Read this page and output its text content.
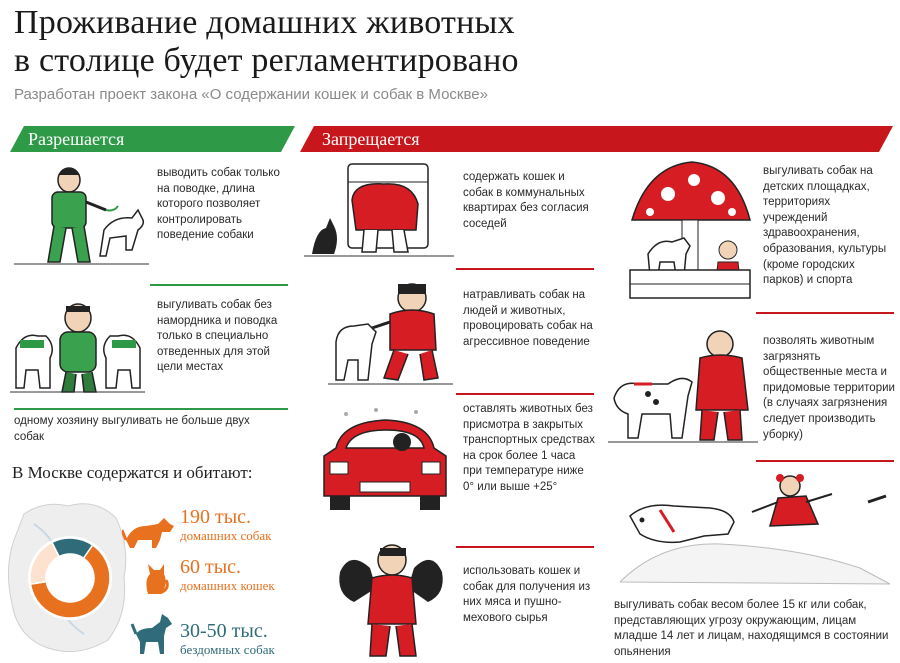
Проживание домашних животных
в столице будет регламентировано
Разработан проект закона «О содержании кошек и собак в Москве»
Разрешается	Запрещается
выводить собак только на поводке, длина которого позволяет контролировать поведение собаки
выгуливать собак без намордника и поводка только в специально отведенных для этой цели местах
одному хозяину выгуливать не больше двух собак
В Москве содержатся и обитают:
190 тыс.
домашних собак
60 тыс.
домашних кошек
30-50 тыс.
бездомных собак
содержать кошек и собак в коммунальных квартирах без согласия соседей
натравливать собак на людей и животных, провоцировать собак на агрессивное поведение
оставлять животных без присмотра в закрытых транспортных средствах на срок более 1 часа при температуре ниже 0° или выше +25°
использовать кошек и собак для получения из них мяса и пушно-мехового сырья
выгуливать собак на детских площадках, территориях учреждений здравоохранения, образования, культуры (кроме городских парков) и спорта
позволять животным загрязнять общественные места и придомовые территории (в случаях загрязнения следует производить уборку)
выгуливать собак весом более 15 кг или собак, представляющих угрозу окружающим, лицам младше 14 лет и лицам, находящимся в состоянии опьянения
